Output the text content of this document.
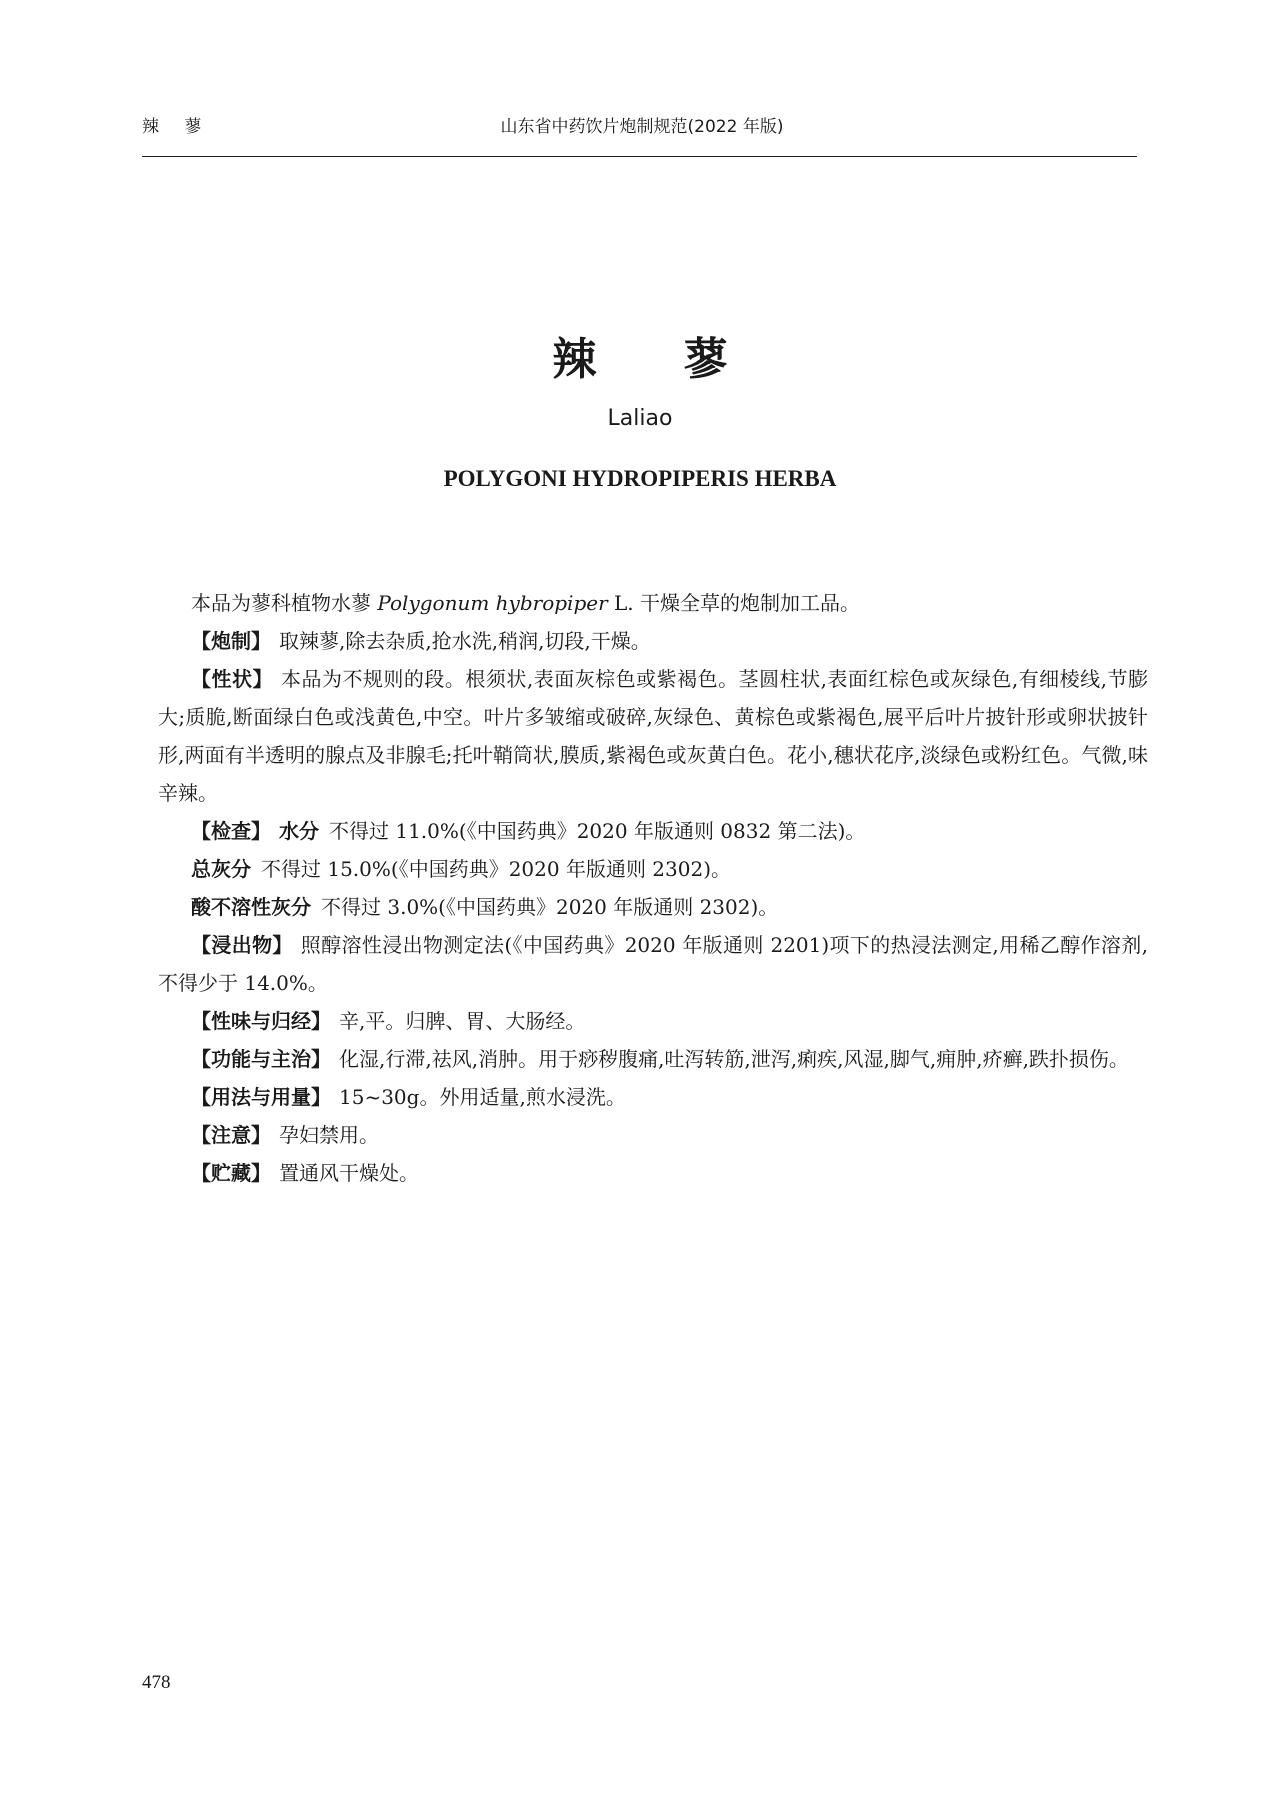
辣 蓼	山东省中药饮片炮制规范(2022 年版)
辣 蓼
Laliao
POLYGONI HYDROPIPERIS HERBA

本品为蓼科植物水蓼 Polygonum hybropiper L. 干燥全草的炮制加工品。

【炮制】 取辣蓼,除去杂质,抢水洗,稍润,切段,干燥。

【性状】 本品为不规则的段。根须状,表面灰棕色或紫褐色。茎圆柱状,表面红棕色或灰绿色,有细棱线,节膨大;质脆,断面绿白色或浅黄色,中空。叶片多皱缩或破碎,灰绿色、黄棕色或紫褐色,展平后叶片披针形或卵状披针形,两面有半透明的腺点及非腺毛;托叶鞘筒状,膜质,紫褐色或灰黄白色。花小,穗状花序,淡绿色或粉红色。气微,味辛辣。

【检查】 水分 不得过 11.0%(《中国药典》2020 年版通则 0832 第二法)。

总灰分 不得过 15.0%(《中国药典》2020 年版通则 2302)。

酸不溶性灰分 不得过 3.0%(《中国药典》2020 年版通则 2302)。

【浸出物】 照醇溶性浸出物测定法(《中国药典》2020 年版通则 2201)项下的热浸法测定,用稀乙醇作溶剂,不得少于 14.0%。

【性味与归经】 辛,平。归脾、胃、大肠经。

【功能与主治】 化湿,行滞,祛风,消肿。用于痧秽腹痛,吐泻转筋,泄泻,痢疾,风湿,脚气,痈肿,疥癣,跌扑损伤。

【用法与用量】 15~30g。外用适量,煎水浸洗。

【注意】 孕妇禁用。

【贮藏】 置通风干燥处。

478
